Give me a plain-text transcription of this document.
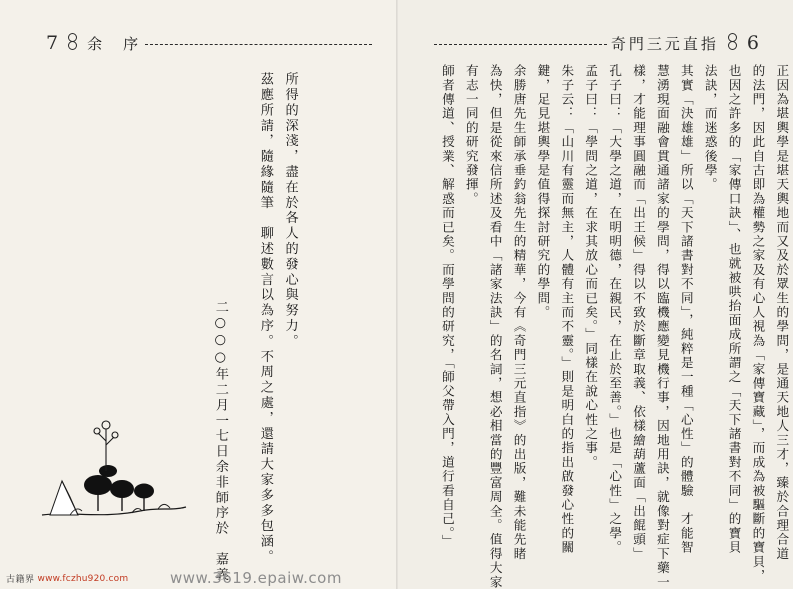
7 余　序	奇門三元直指 6
所得的深淺，盡在於各人的發心與努力。
茲應所請，隨緣隨筆　聊述數言以為序。不周之處，還請大家多多包涵。
二○○○年二月一七日余非師序於　嘉義	正因為堪輿學是堪天輿地而又及於眾生的學問，是通天地人三才，臻於合理合道
的法門，因此自古即為權勢之家及有心人視為「家傳寶藏」，而成為被驅斷的寶貝，
也因之許多的「家傳口訣」、也就被哄抬面成所謂之「天下諸書對不同」的寶貝
法訣，而迷惑後學。
其實「決雄雄」所以「天下諸書對不同」，純粹是一種「心性」的體驗　才能智
慧湧現面融會貫通諸家的學問，得以臨機應變見機行事，因地用訣，就像對症下藥一
樣，才能理事圓融而「出王候」得以不致於斷章取義、依樣繪葫蘆面「出餛頭」
孔子曰：「大學之道，在明明德，在親民，在止於至善。」也是「心性」之學。
孟子曰：「學問之道，在求其放心而已矣。」同樣在說心性之事。
朱子云：「山川有靈而無主，人體有主而不靈。」則是明白的指出啟發心性的關
鍵，足見堪輿學是值得探討研究的學問。
余勝唐先生師承垂釣翁先生的精華，今有《奇門三元直指》的出版，難未能先睹
為快，但是從來信所述及看中「諸家法訣」的名詞，想必相當的豐富周全。值得大家
有志一同的研究發揮。
師者傳道、授業、解惑而已矣。而學問的研究，「師父帶入門，道行看自己。」
古籍界 www.fczhu920.com	www.3619.epaiw.com
